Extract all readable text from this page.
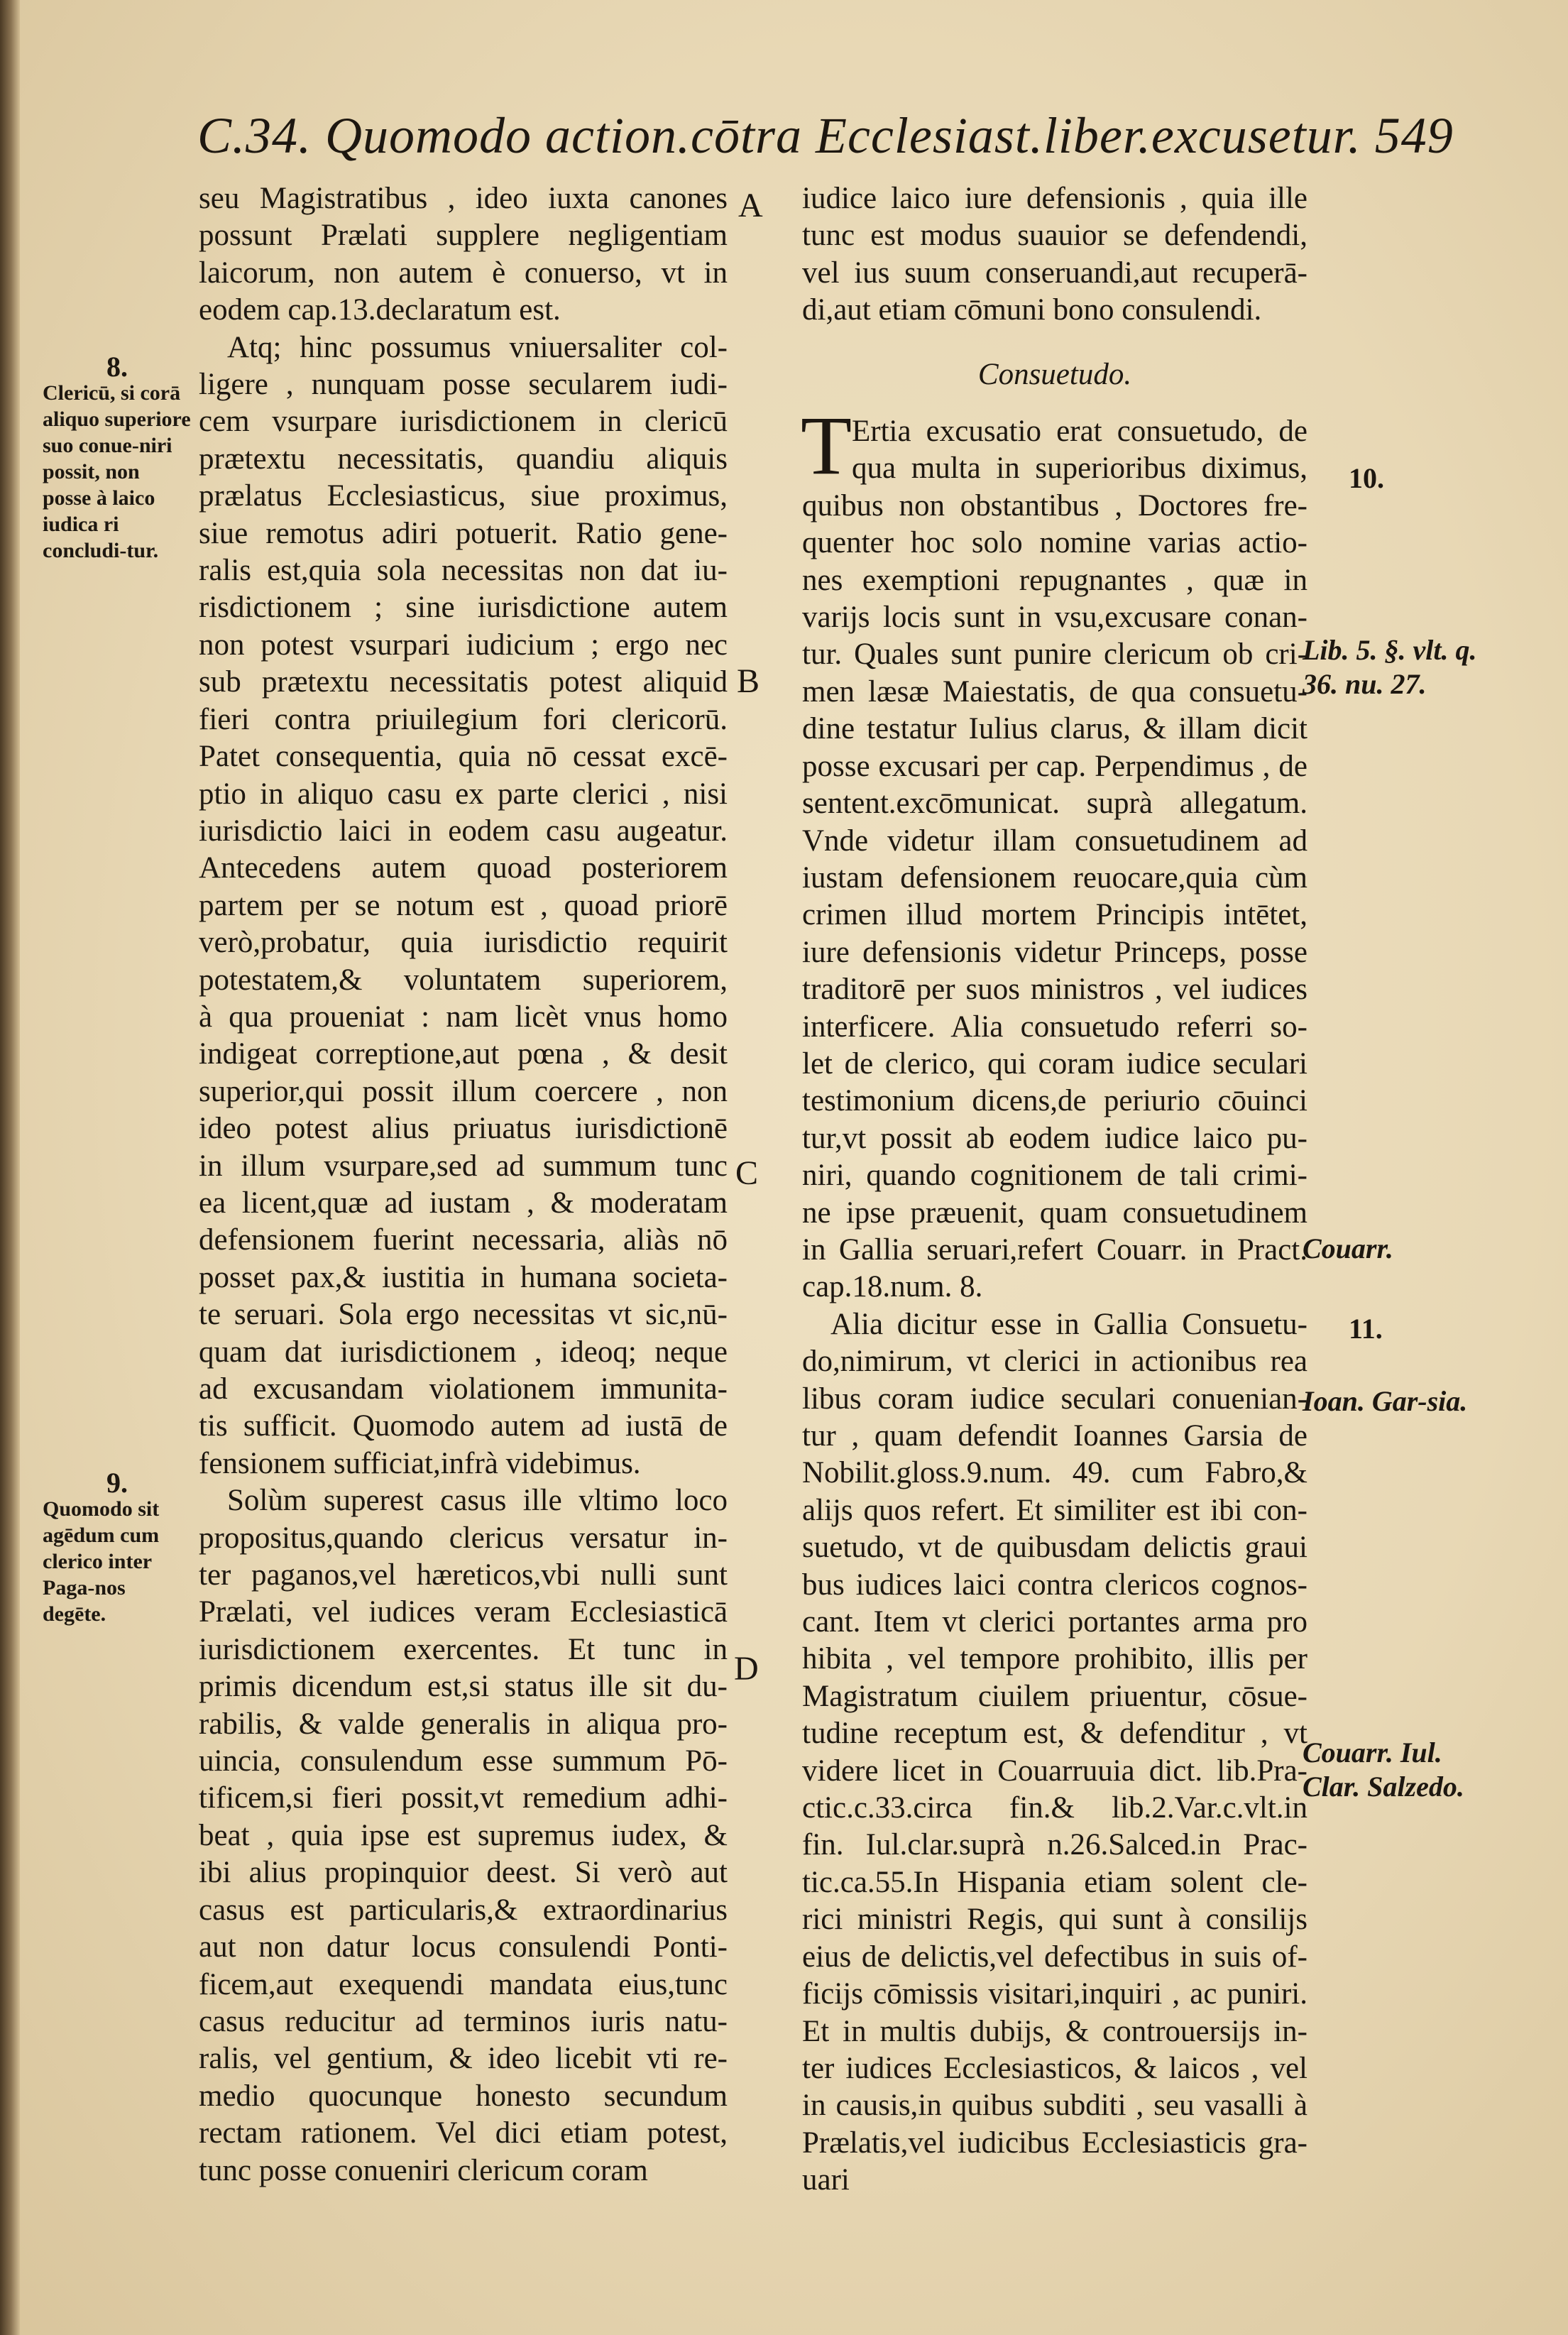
C.34. Quomodo action.cōtra Ecclesiast.liber.excusetur. 549
A
B
C
D
seu Magistratibus , ideo iuxta canones
possunt Prælati supplere negligentiam
laicorum, non autem è conuerso, vt in
eodem cap.13.declaratum est.
Atq; hinc possumus vniuersaliter col-
ligere , nunquam posse secularem iudi-
cem vsurpare iurisdictionem in clericū
prætextu necessitatis, quandiu aliquis
prælatus Ecclesiasticus, siue proximus,
siue remotus adiri potuerit. Ratio gene-
ralis est,quia sola necessitas non dat iu-
risdictionem ; sine iurisdictione autem
non potest vsurpari iudicium ; ergo nec
sub prætextu necessitatis potest aliquid
fieri contra priuilegium fori clericorū.
Patet consequentia, quia nō cessat excē-
ptio in aliquo casu ex parte clerici , nisi
iurisdictio laici in eodem casu augeatur.
Antecedens autem quoad posteriorem
partem per se notum est , quoad priorē
verò,probatur, quia iurisdictio requirit
potestatem,& voluntatem superiorem,
à qua proueniat : nam licèt vnus homo
indigeat correptione,aut pœna , & desit
superior,qui possit illum coercere , non
ideo potest alius priuatus iurisdictionē
in illum vsurpare,sed ad summum tunc
ea licent,quæ ad iustam , & moderatam
defensionem fuerint necessaria, aliàs nō
posset pax,& iustitia in humana societa-
te seruari. Sola ergo necessitas vt sic,nū-
quam dat iurisdictionem , ideoq; neque
ad excusandam violationem immunita-
tis sufficit. Quomodo autem ad iustā de
fensionem sufficiat,infrà videbimus.
Solùm superest casus ille vltimo loco
propositus,quando clericus versatur in-
ter paganos,vel hæreticos,vbi nulli sunt
Prælati, vel iudices veram Ecclesiasticā
iurisdictionem exercentes. Et tunc in
primis dicendum est,si status ille sit du-
rabilis, & valde generalis in aliqua pro-
uincia, consulendum esse summum Pō-
tificem,si fieri possit,vt remedium adhi-
beat , quia ipse est supremus iudex, &
ibi alius propinquior deest. Si verò aut
casus est particularis,& extraordinarius
aut non datur locus consulendi Ponti-
ficem,aut exequendi mandata eius,tunc
casus reducitur ad terminos iuris natu-
ralis, vel gentium, & ideo licebit vti re-
medio quocunque honesto secundum
rectam rationem. Vel dici etiam potest,
tunc posse conueniri clericum coram
iudice laico iure defensionis , quia ille
tunc est modus suauior se defendendi,
vel ius suum conseruandi,aut recuperā-
di,aut etiam cōmuni bono consulendi.
Consuetudo.
T Ertia excusatio erat consuetudo, de
qua multa in superioribus diximus,
quibus non obstantibus , Doctores fre-
quenter hoc solo nomine varias actio-
nes exemptioni repugnantes , quæ in
varijs locis sunt in vsu,excusare conan-
tur. Quales sunt punire clericum ob cri-
men læsæ Maiestatis, de qua consuetu-
dine testatur Iulius clarus, & illam dicit
posse excusari per cap. Perpendimus , de
sentent.excōmunicat. suprà allegatum.
Vnde videtur illam consuetudinem ad
iustam defensionem reuocare,quia cùm
crimen illud mortem Principis intētet,
iure defensionis videtur Princeps, posse
traditorē per suos ministros , vel iudices
interficere. Alia consuetudo referri so-
let de clerico, qui coram iudice seculari
testimonium dicens,de periurio cōuinci
tur,vt possit ab eodem iudice laico pu-
niri, quando cognitionem de tali crimi-
ne ipse præuenit, quam consuetudinem
in Gallia seruari,refert Couarr. in Pract.
cap.18.num. 8.
Alia dicitur esse in Gallia Consuetu-
do,nimirum, vt clerici in actionibus rea
libus coram iudice seculari conuenian-
tur , quam defendit Ioannes Garsia de
Nobilit.gloss.9.num. 49. cum Fabro,&
alijs quos refert. Et similiter est ibi con-
suetudo, vt de quibusdam delictis graui
bus iudices laici contra clericos cognos-
cant. Item vt clerici portantes arma pro
hibita , vel tempore prohibito, illis per
Magistratum ciuilem priuentur, cōsue-
tudine receptum est, & defenditur , vt
videre licet in Couarruuia dict. lib.Pra-
ctic.c.33.circa fin.& lib.2.Var.c.vlt.in
fin. Iul.clar.suprà n.26.Salced.in Prac-
tic.ca.55.In Hispania etiam solent cle-
rici ministri Regis, qui sunt à consilijs
eius de delictis,vel defectibus in suis of-
ficijs cōmissis visitari,inquiri , ac puniri.
Et in multis dubijs, & controuersijs in-
ter iudices Ecclesiasticos, & laicos , vel
in causis,in quibus subditi , seu vasalli à
Prælatis,vel iudicibus Ecclesiasticis gra-
uari
8.
Clericū, si corā aliquo superiore suo conue-niri possit, non posse à laico iudica ri concludi-tur.
9.
Quomodo sit agēdum cum clerico inter Paga-nos degēte.
10.
Lib. 5. §. vlt. q. 36. nu. 27.
Couarr.
11.
Ioan. Gar-sia.
Couarr. Iul. Clar. Salzedo.
